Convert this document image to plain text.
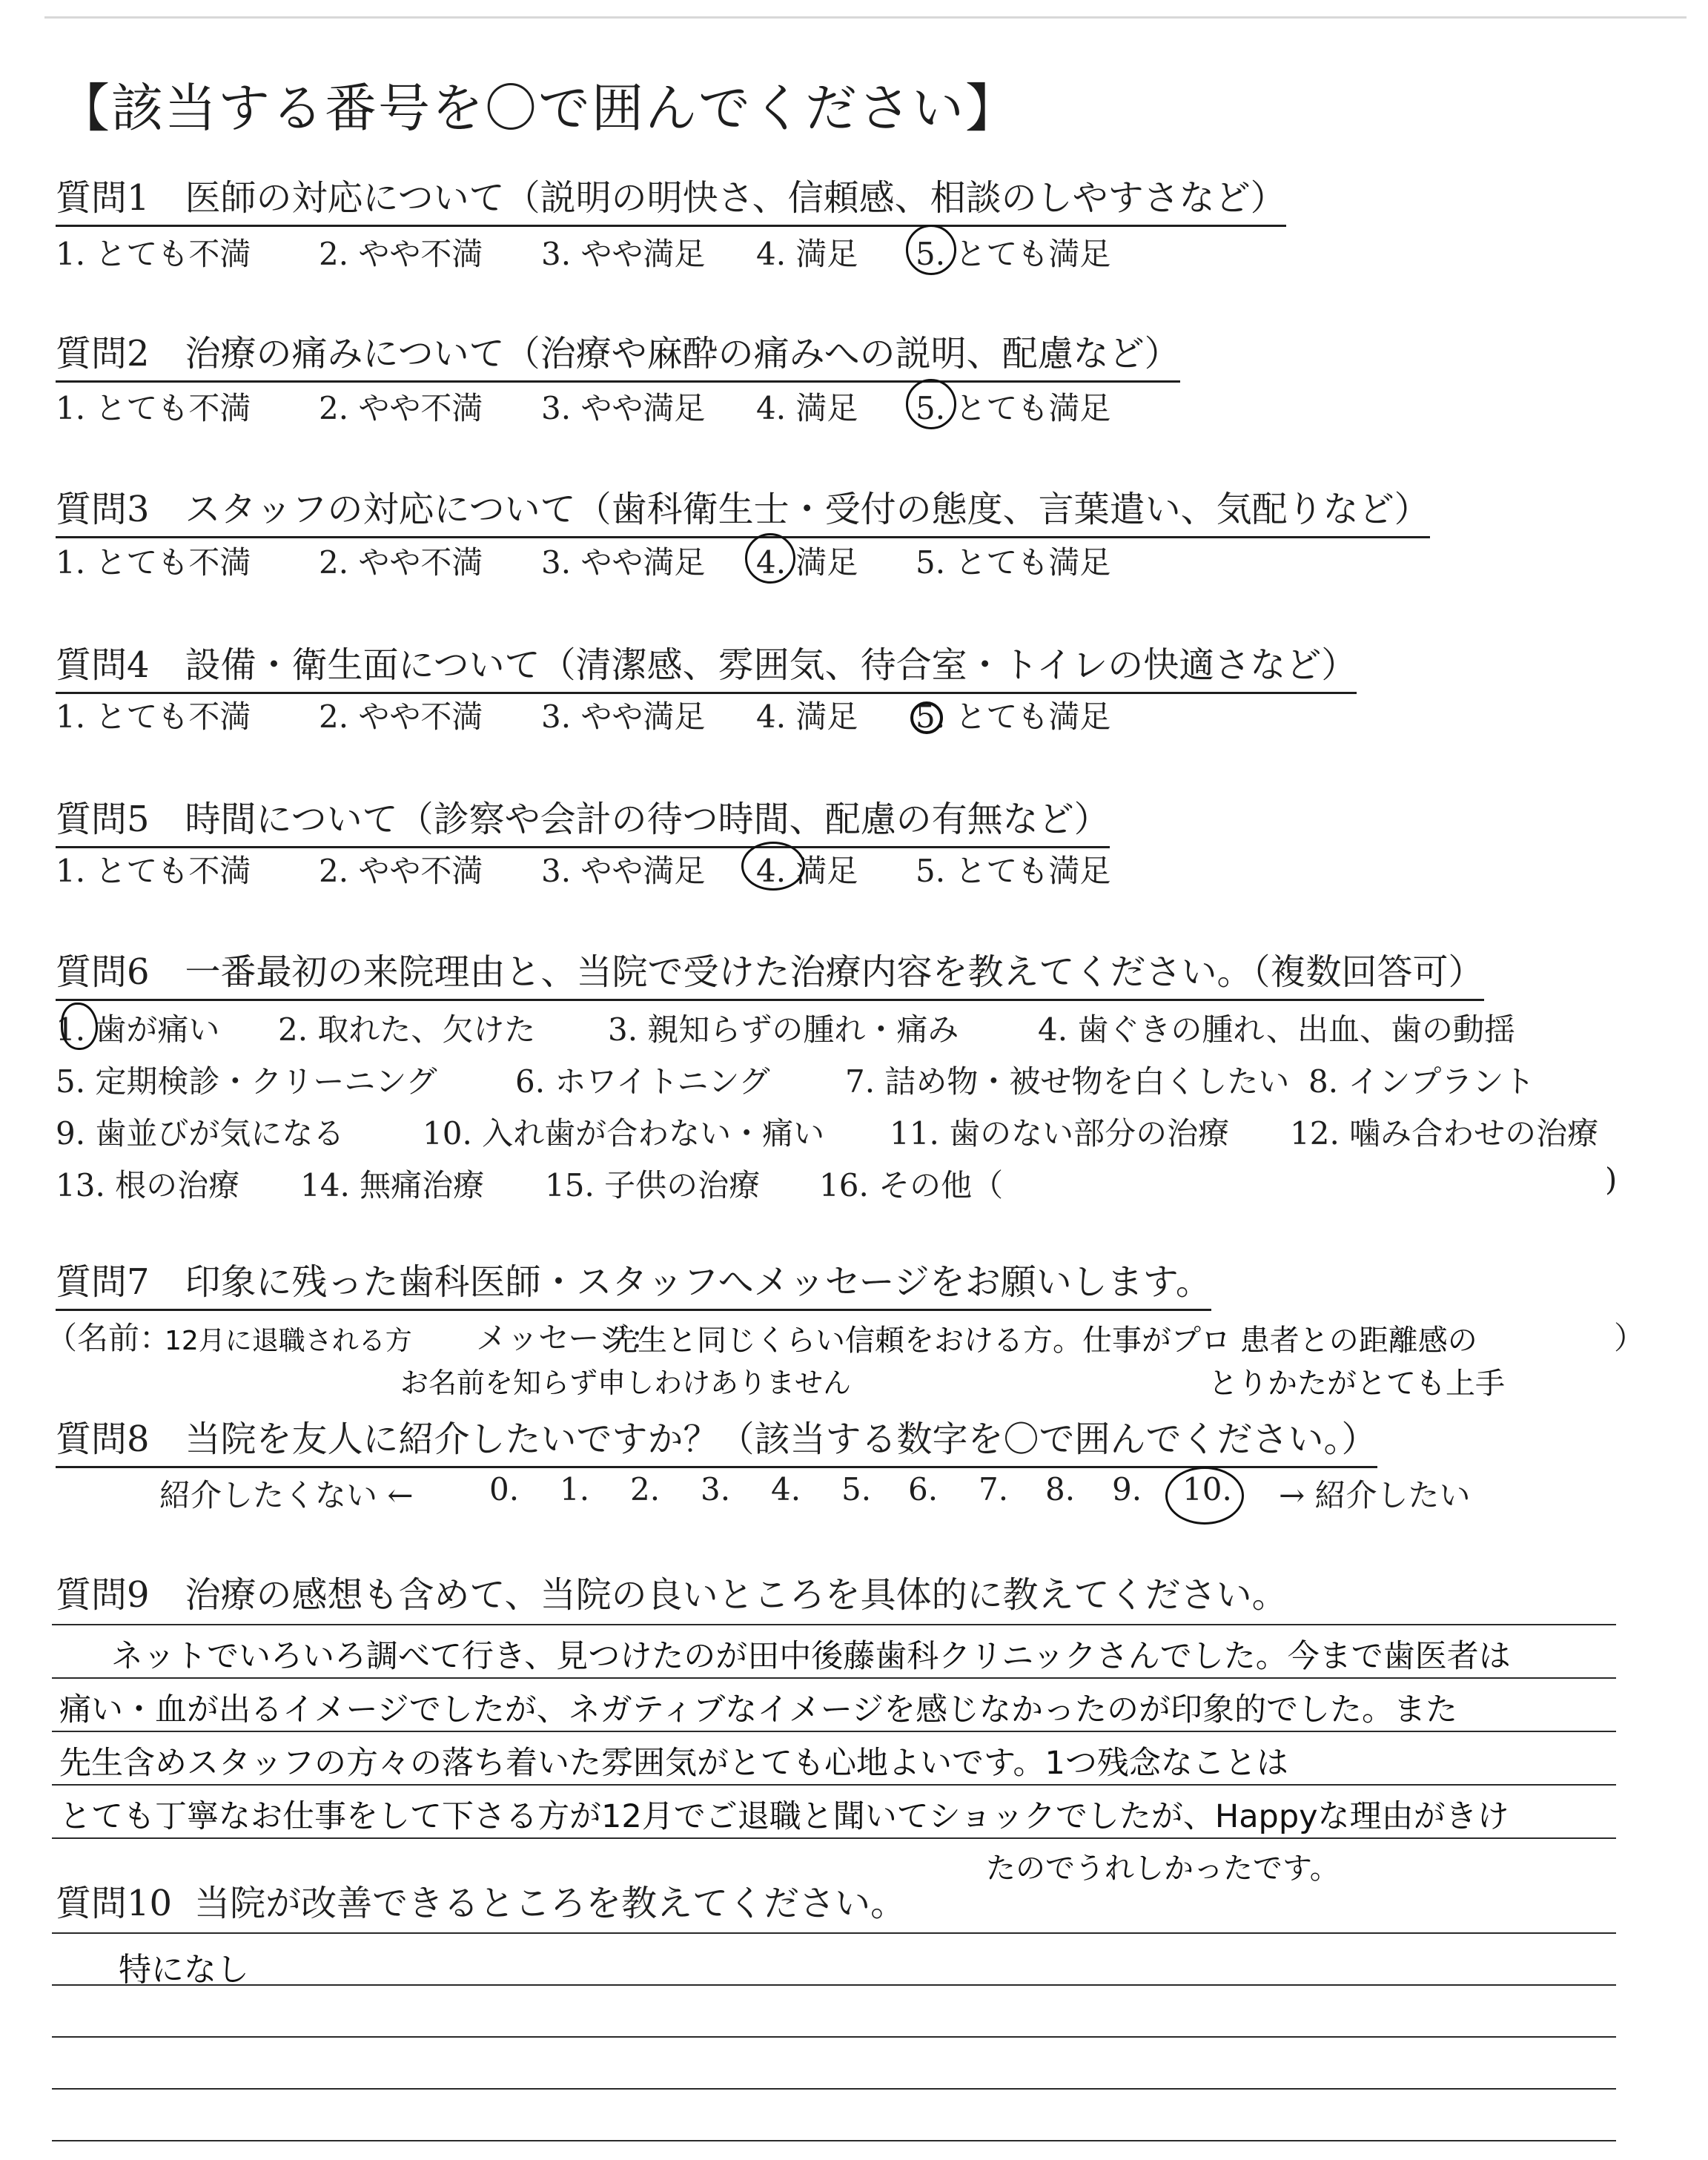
【該当する番号を〇で囲んでください】
質問1 医師の対応について（説明の明快さ、信頼感、相談のしやすさなど）
1. とても不満 2. やや不満 3. やや満足 4. 満足 5. とても満足
質問2 治療の痛みについて（治療や麻酔の痛みへの説明、配慮など）
1. とても不満 2. やや不満 3. やや満足 4. 満足 5. とても満足
質問3 スタッフの対応について（歯科衛生士・受付の態度、言葉遣い、気配りなど）
1. とても不満 2. やや不満 3. やや満足 4. 満足 5. とても満足
質問4 設備・衛生面について（清潔感、雰囲気、待合室・トイレの快適さなど）
1. とても不満 2. やや不満 3. やや満足 4. 満足 5. とても満足
質問5 時間について（診察や会計の待つ時間、配慮の有無など）
1. とても不満 2. やや不満 3. やや満足 4. 満足 5. とても満足
質問6 一番最初の来院理由と、当院で受けた治療内容を教えてください。（複数回答可）
1. 歯が痛い 2. 取れた、欠けた 3. 親知らずの腫れ・痛み	4. 歯ぐきの腫れ、出血、歯の動揺
5. 定期検診・クリーニング	6. ホワイトニング 7. 詰め物・被せ物を白くしたい 8. インプラント
9. 歯並びが気になる	10. 入れ歯が合わない・痛い 11. 歯のない部分の治療 12. 噛み合わせの治療
13. 根の治療 14. 無痛治療 15. 子供の治療 16. その他（	)
質問7 印象に残った歯科医師・スタッフへメッセージをお願いします。
（名前：	メッセージ：	）
12月に退職される方	先生と同じくらい信頼をおける方。仕事がプロ 患者との距離感の
お名前を知らず申しわけありません	とりかたがとても上手
質問8 当院を友人に紹介したいですか？（該当する数字を〇で囲んでください。）
紹介したくない ← 0. 1. 2. 3. 4. 5. 6. 7. 8. 9. 10. → 紹介したい
質問9 治療の感想も含めて、当院の良いところを具体的に教えてください。
ネットでいろいろ調べて行き、見つけたのが田中後藤歯科クリニックさんでした。今まで歯医者は
痛い・血が出るイメージでしたが、ネガティブなイメージを感じなかったのが印象的でした。また
先生含めスタッフの方々の落ち着いた雰囲気がとても心地よいです。1つ残念なことは
とても丁寧なお仕事をして下さる方が12月でご退職と聞いてショックでしたが、Happyな理由がきけ
たのでうれしかったです。
質問10 当院が改善できるところを教えてください。
特になし
